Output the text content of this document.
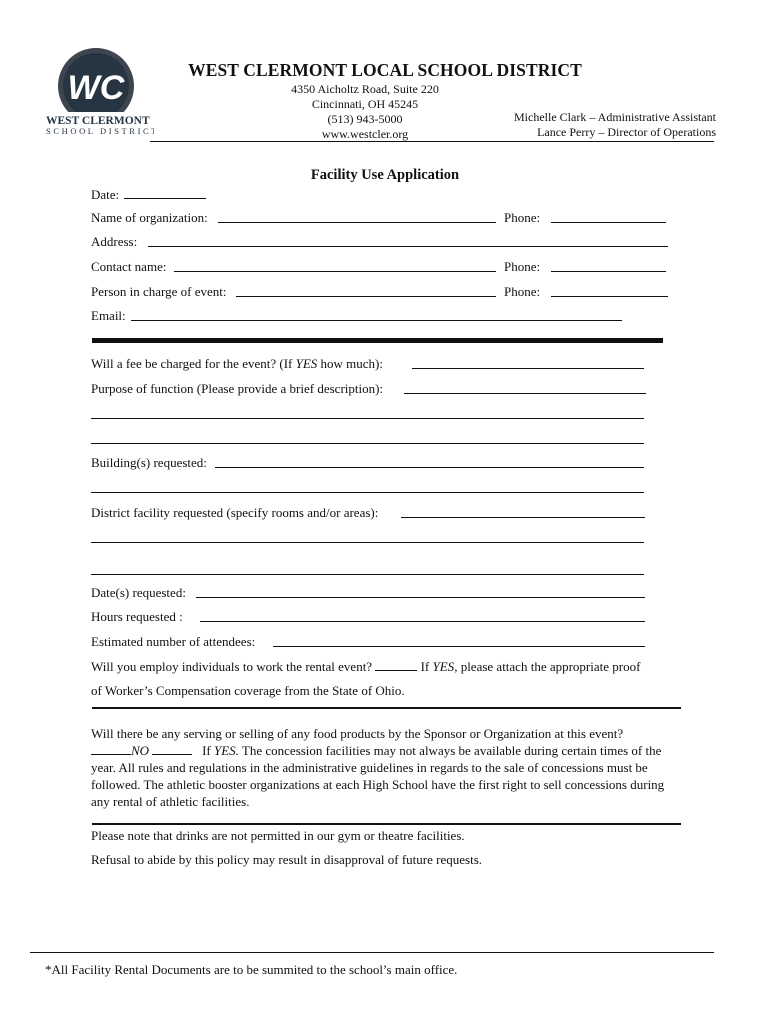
WC
WEST CLERMONT
SCHOOL DISTRICT
WEST CLERMONT LOCAL SCHOOL DISTRICT
4350 Aicholtz Road, Suite 220
Cincinnati, OH 45245
(513) 943-5000
www.westcler.org
Michelle Clark – Administrative Assistant
Lance Perry – Director of Operations
Facility Use Application
Date:
Name of organization:	Phone:
Address:
Contact name:	Phone:
Person in charge of event:	Phone:
Email:
Will a fee be charged for the event? (If YES how much):
Purpose of function (Please provide a brief description):
Building(s) requested:
District facility requested (specify rooms and/or areas):
Date(s) requested:
Hours requested :
Estimated number of attendees:
Will you employ individuals to work the rental event?	If YES, please attach the appropriate proof
of Worker’s Compensation coverage from the State of Ohio.
Will there be any serving or selling of any food products by the Sponsor or Organization at this event?
NO	If YES. The concession facilities may not always be available during certain times of the year. All rules and regulations in the administrative guidelines in regards to the sale of concessions must be followed. The athletic booster organizations at each High School have the first right to sell concessions during any rental of athletic facilities.
Please note that drinks are not permitted in our gym or theatre facilities.
Refusal to abide by this policy may result in disapproval of future requests.
*All Facility Rental Documents are to be summited to the school’s main office.
